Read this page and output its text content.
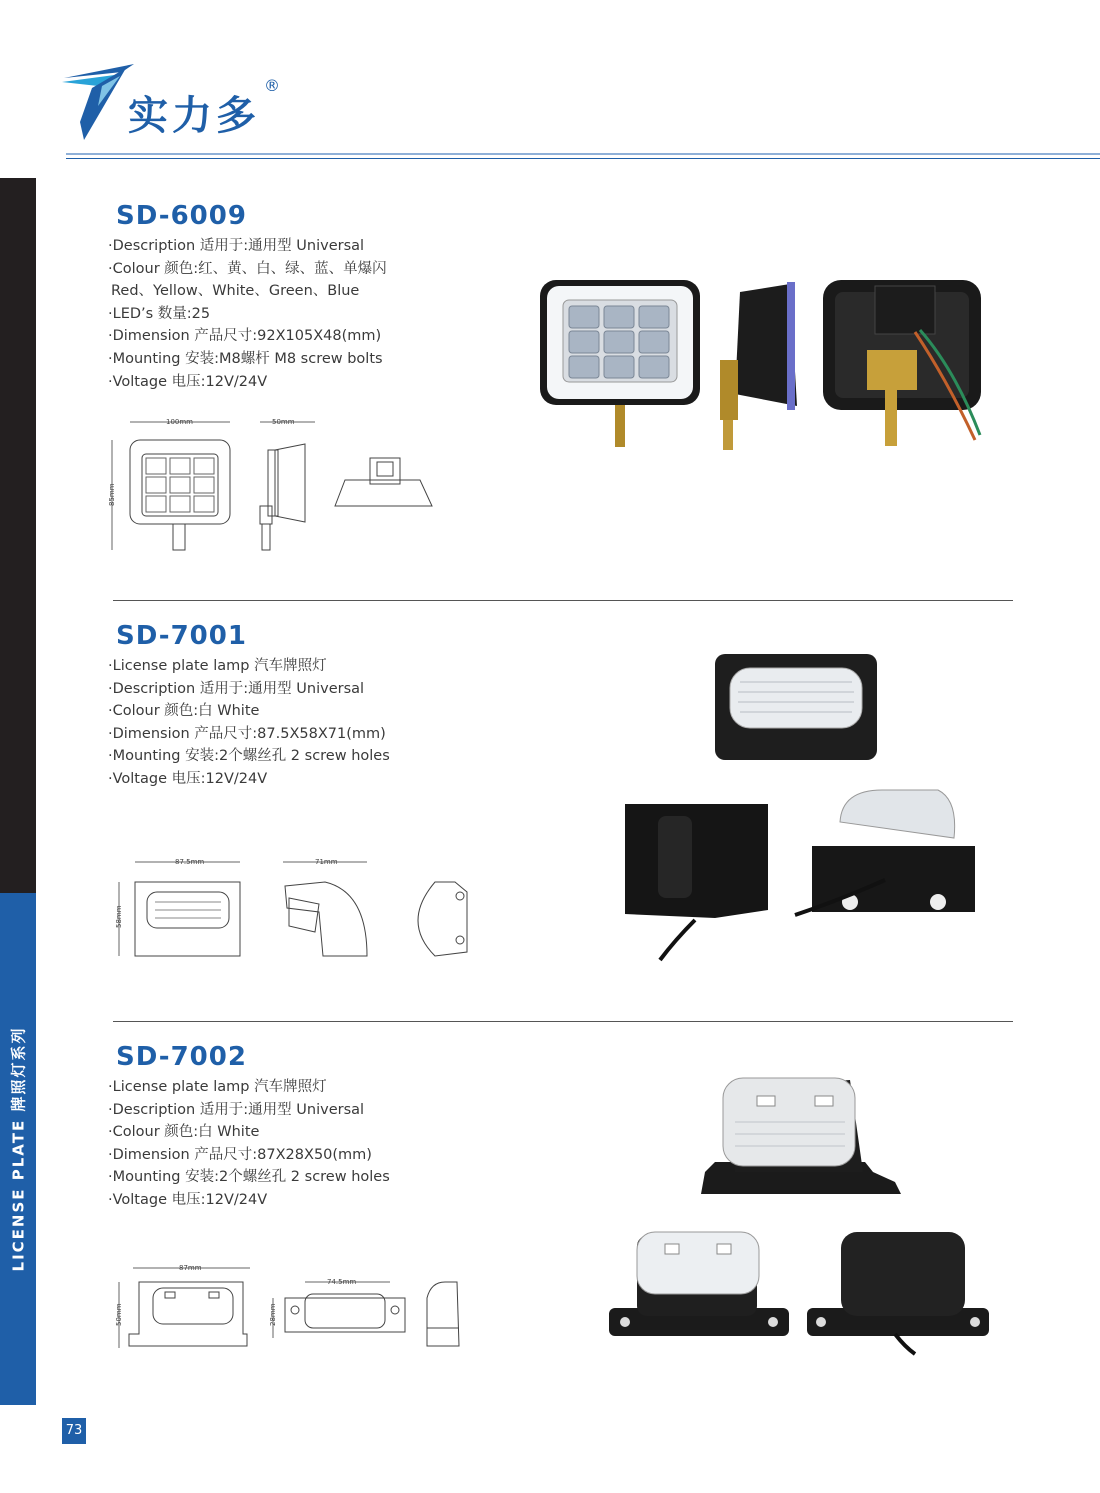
实力多
®
LICENSE PLATE 牌照灯系列
73
SD-6009
·Description 适用于:通用型 Universal
·Colour 颜色:红、黄、白、绿、蓝、单爆闪
Red、Yellow、White、Green、Blue
·LED’s 数量:25
·Dimension 产品尺寸:92X105X48(mm)
·Mounting 安装:M8螺杆 M8 screw bolts
·Voltage 电压:12V/24V
100mm
85mm
50mm
SD-7001
·License plate lamp 汽车牌照灯
·Description 适用于:通用型 Universal
·Colour 颜色:白 White
·Dimension 产品尺寸:87.5X58X71(mm)
·Mounting 安装:2个螺丝孔 2 screw holes
·Voltage 电压:12V/24V
87.5mm
58mm
71mm
SD-7002
·License plate lamp 汽车牌照灯
·Description 适用于:通用型 Universal
·Colour 颜色:白 White
·Dimension 产品尺寸:87X28X50(mm)
·Mounting 安装:2个螺丝孔 2 screw holes
·Voltage 电压:12V/24V
87mm
50mm
74.5mm
28mm
